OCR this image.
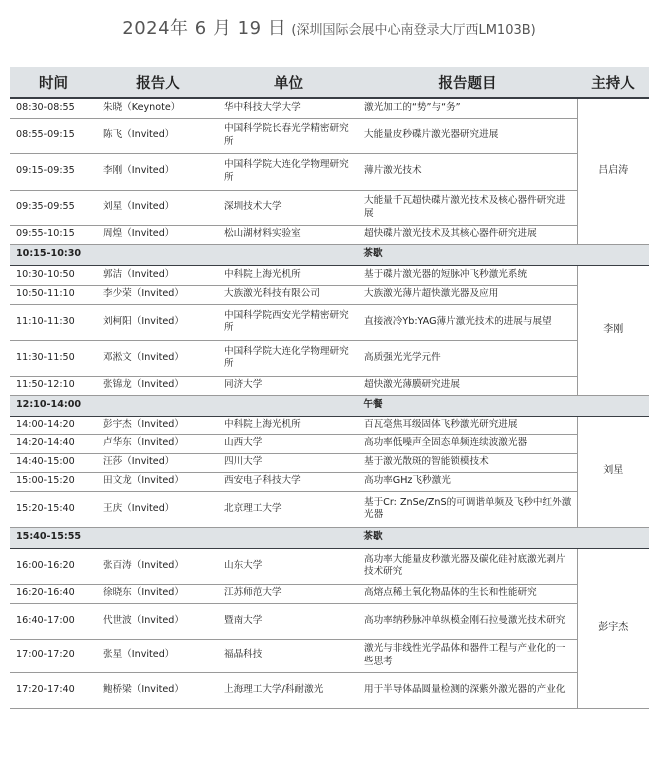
2024年 6 月 19 日 (深圳国际会展中心南登录大厅西LM103B)
时间	报告人	单位	报告题目	主持人
08:30-08:55	朱晓（Keynote）	华中科技大学大学	激光加工的“势”与“务”	吕启涛
08:55-09:15	陈飞（Invited）	中国科学院长春光学精密研究所	大能量皮秒碟片激光器研究进展	
09:15-09:35	李刚（Invited）	中国科学院大连化学物理研究所	薄片激光技术	
09:35-09:55	刘星（Invited）	深圳技术大学	大能量千瓦超快碟片激光技术及核心器件研究进展	
09:55-10:15	周煌（Invited）	松山湖材料实验室	超快碟片激光技术及其核心器件研究进展	
10:15-10:30	茶歇			
10:30-10:50	郭洁（Invited）	中科院上海光机所	基于碟片激光器的短脉冲飞秒激光系统	李刚
10:50-11:10	李少荣（Invited）	大族激光科技有限公司	大族激光薄片超快激光器及应用	
11:10-11:30	刘柯阳（Invited）	中国科学院西安光学精密研究所	直接液冷Yb:YAG薄片激光技术的进展与展望	
11:30-11:50	邓淞文（Invited）	中国科学院大连化学物理研究所	高质强光光学元件	
11:50-12:10	张锦龙（Invited）	同济大学	超快激光薄膜研究进展	
12:10-14:00	午餐			
14:00-14:20	彭宇杰（Invited）	中科院上海光机所	百瓦毫焦耳级固体飞秒激光研究进展	刘星
14:20-14:40	卢华东（Invited）	山西大学	高功率低噪声全固态单频连续波激光器	
14:40-15:00	汪莎（Invited）	四川大学	基于激光散斑的智能锁模技术	
15:00-15:20	田文龙（Invited）	西安电子科技大学	高功率GHz飞秒激光	
15:20-15:40	王庆（Invited）	北京理工大学	基于Cr: ZnSe/ZnS的可调谐单频及飞秒中红外激光器	
15:40-15:55	茶歇			
16:00-16:20	张百涛（Invited）	山东大学	高功率大能量皮秒激光器及碳化硅衬底激光剥片技术研究	彭宇杰
16:20-16:40	徐晓东（Invited）	江苏师范大学	高熔点稀土氧化物晶体的生长和性能研究	
16:40-17:00	代世波（Invited）	暨南大学	高功率纳秒脉冲单纵模金刚石拉曼激光技术研究	
17:00-17:20	张星（Invited）	福晶科技	激光与非线性光学晶体和器件工程与产业化的一些思考	
17:20-17:40	鲍桥梁（Invited）	上海理工大学/科耐激光	用于半导体晶圆量检测的深紫外激光器的产业化	
